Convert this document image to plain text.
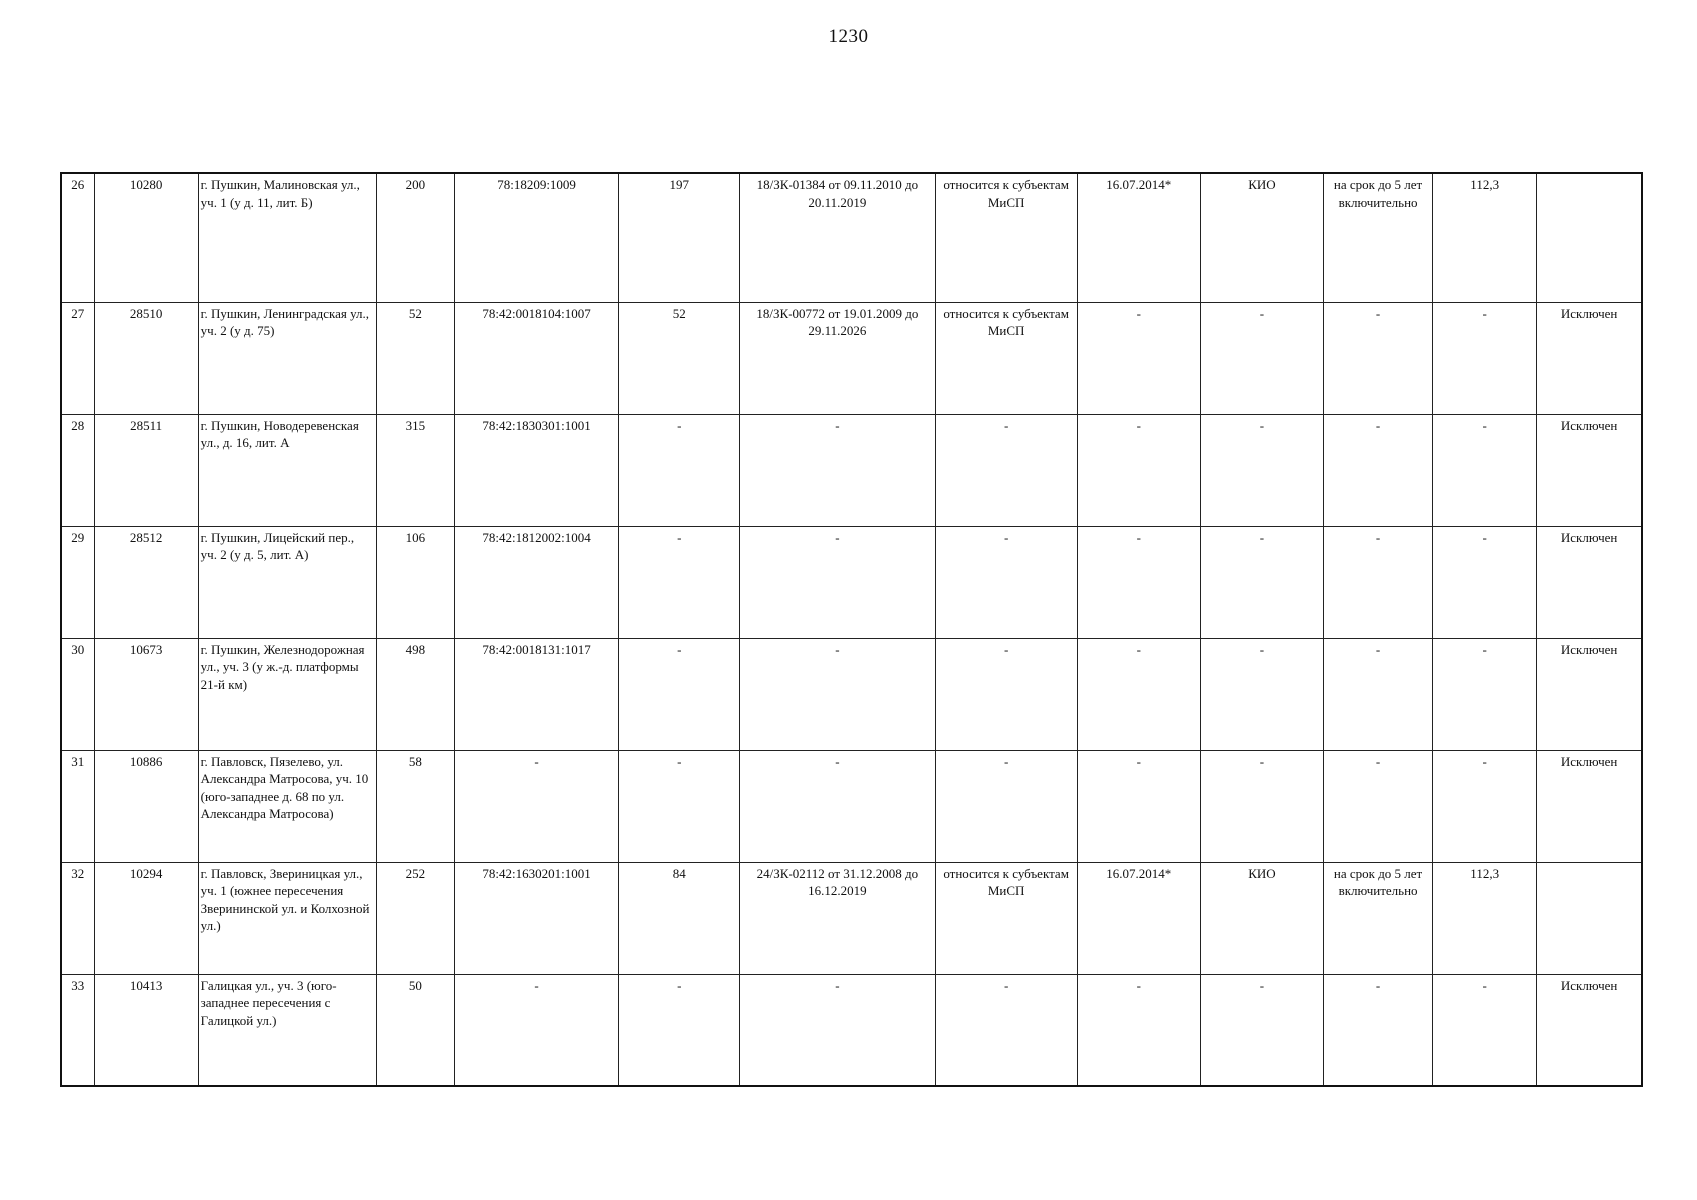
1230
26	10280	г. Пушкин, Малиновская ул., уч. 1 (у д. 11, лит. Б)	200	78:18209:1009	197	18/ЗК-01384 от 09.11.2010 до 20.11.2019	относится к субъектам МиСП	16.07.2014*	КИО	на срок до 5 лет включительно	112,3	
27	28510	г. Пушкин, Ленинградская ул., уч. 2 (у д. 75)	52	78:42:0018104:1007	52	18/ЗК-00772 от 19.01.2009 до 29.11.2026	относится к субъектам МиСП	-	-	-	-	Исключен
28	28511	г. Пушкин, Новодеревенская ул., д. 16, лит. А	315	78:42:1830301:1001	-	-	-	-	-	-	-	Исключен
29	28512	г. Пушкин, Лицейский пер., уч. 2 (у д. 5, лит. А)	106	78:42:1812002:1004	-	-	-	-	-	-	-	Исключен
30	10673	г. Пушкин, Железнодорожная ул., уч. 3 (у ж.-д. платформы 21-й км)	498	78:42:0018131:1017	-	-	-	-	-	-	-	Исключен
31	10886	г. Павловск, Пязелево, ул. Александра Матросова, уч. 10 (юго-западнее д. 68 по ул. Александра Матросова)	58	-	-	-	-	-	-	-	-	Исключен
32	10294	г. Павловск, Звериницкая ул., уч. 1 (южнее пересечения Зверининской ул. и Колхозной ул.)	252	78:42:1630201:1001	84	24/ЗК-02112 от 31.12.2008 до 16.12.2019	относится к субъектам МиСП	16.07.2014*	КИО	на срок до 5 лет включительно	112,3	
33	10413	Галицкая ул., уч. 3 (юго-западнее пересечения с Галицкой ул.)	50	-	-	-	-	-	-	-	-	Исключен
